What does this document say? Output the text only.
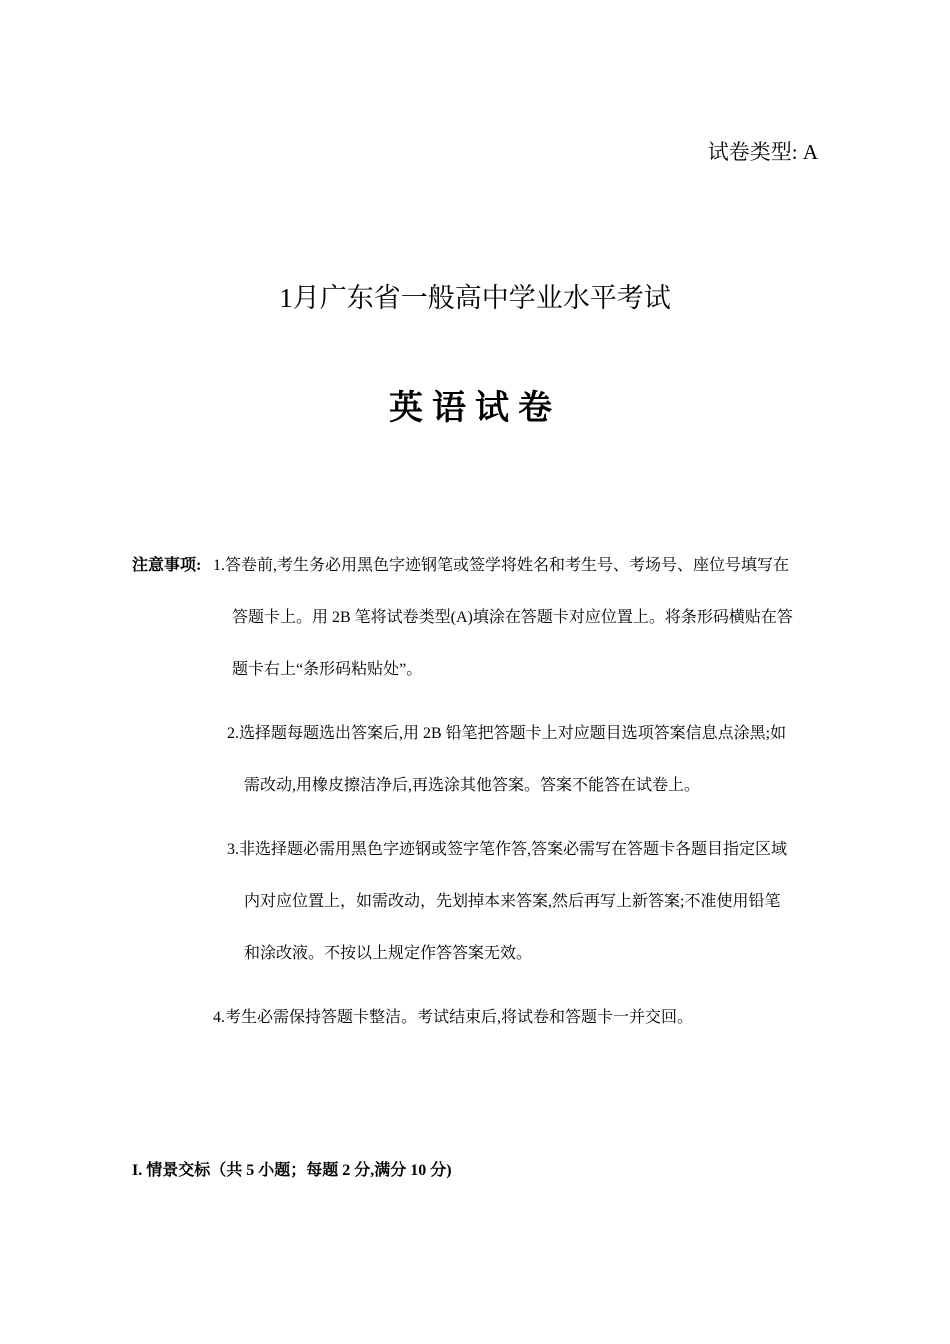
试卷类型: A
1月广东省一般高中学业水平考试
英语试卷
注意事项: 1.答卷前,考生务必用黑色字迹钢笔或签学将姓名和考生号、考场号、座位号填写在
答题卡上。用 2B 笔将试卷类型(A)填涂在答题卡对应位置上。将条形码横贴在答
题卡右上“条形码粘贴处”。
2.选择题每题选出答案后,用 2B 铅笔把答题卡上对应题目选项答案信息点涂黑;如
需改动,用橡皮擦洁净后,再选涂其他答案。答案不能答在试卷上。
3.非选择题必需用黑色字迹钢或签字笔作答,答案必需写在答题卡各题目指定区域
内对应位置上，如需改动，先划掉本来答案,然后再写上新答案;不准使用铅笔
和涂改液。不按以上规定作答答案无效。
4.考生必需保持答题卡整洁。考试结束后,将试卷和答题卡一并交回。
I. 情景交标（共 5 小题；每题 2 分,满分 10 分)
